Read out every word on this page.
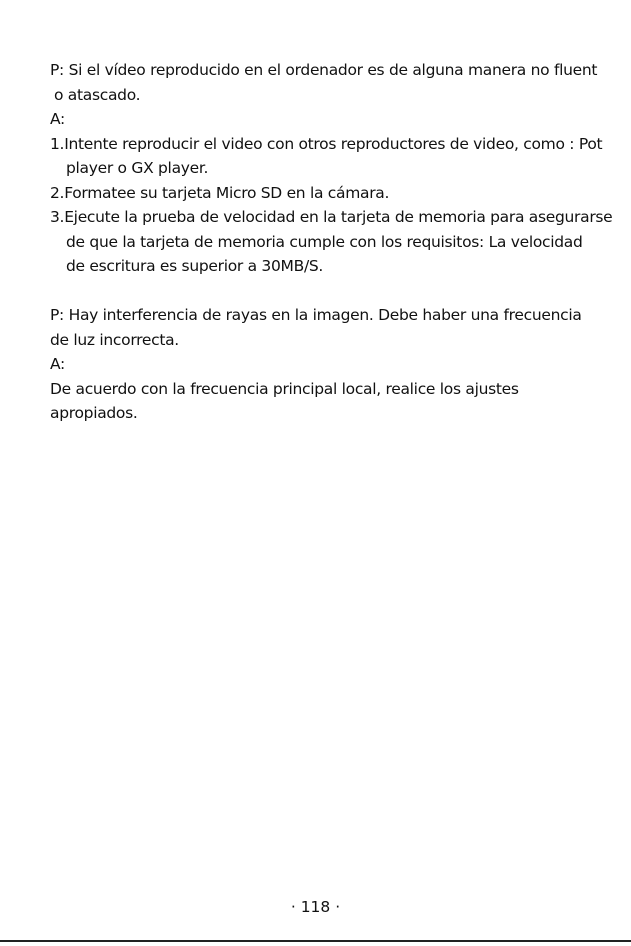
P: Si el vídeo reproducido en el ordenador es de alguna manera no fluent
o atascado.
A:
1.Intente reproducir el video con otros reproductores de video, como : Pot
player o GX player.
2.Formatee su tarjeta Micro SD en la cámara.
3.Ejecute la prueba de velocidad en la tarjeta de memoria para asegurarse
de que la tarjeta de memoria cumple con los requisitos: La velocidad
de escritura es superior a 30MB/S.
P: Hay interferencia de rayas en la imagen. Debe haber una frecuencia
de luz incorrecta.
A:
De acuerdo con la frecuencia principal local, realice los ajustes
apropiados.
· 118 ·
